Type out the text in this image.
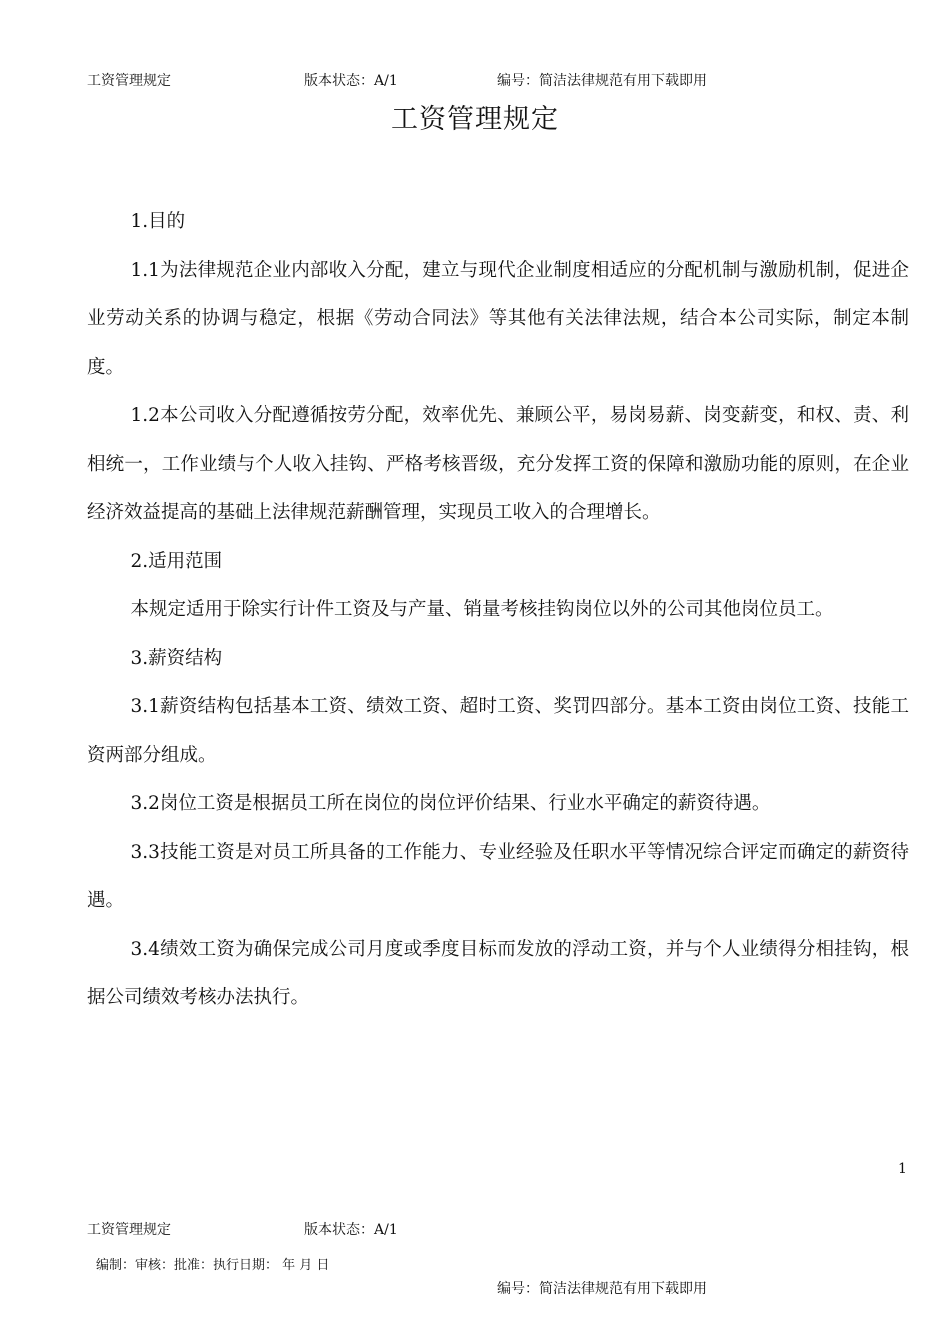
工资管理规定	版本状态：A/1	编号：简洁法律规范有用下载即用
工资管理规定

1.目的

1.1为法律规范企业内部收入分配，建立与现代企业制度相适应的分配机制与激励机制，促进企业劳动关系的协调与稳定，根据《劳动合同法》等其他有关法律法规，结合本公司实际，制定本制度。

1.2本公司收入分配遵循按劳分配，效率优先、兼顾公平，易岗易薪、岗变薪变，和权、责、利相统一，工作业绩与个人收入挂钩、严格考核晋级，充分发挥工资的保障和激励功能的原则，在企业经济效益提高的基础上法律规范薪酬管理，实现员工收入的合理增长。

2.适用范围

本规定适用于除实行计件工资及与产量、销量考核挂钩岗位以外的公司其他岗位员工。

3.薪资结构

3.1薪资结构包括基本工资、绩效工资、超时工资、奖罚四部分。基本工资由岗位工资、技能工资两部分组成。

3.2岗位工资是根据员工所在岗位的岗位评价结果、行业水平确定的薪资待遇。

3.3技能工资是对员工所具备的工作能力、专业经验及任职水平等情况综合评定而确定的薪资待遇。

3.4绩效工资为确保完成公司月度或季度目标而发放的浮动工资，并与个人业绩得分相挂钩，根据公司绩效考核办法执行。

1
工资管理规定	版本状态：A/1
编制：审核：批准：执行日期： 年 月 日
编号：简洁法律规范有用下载即用
